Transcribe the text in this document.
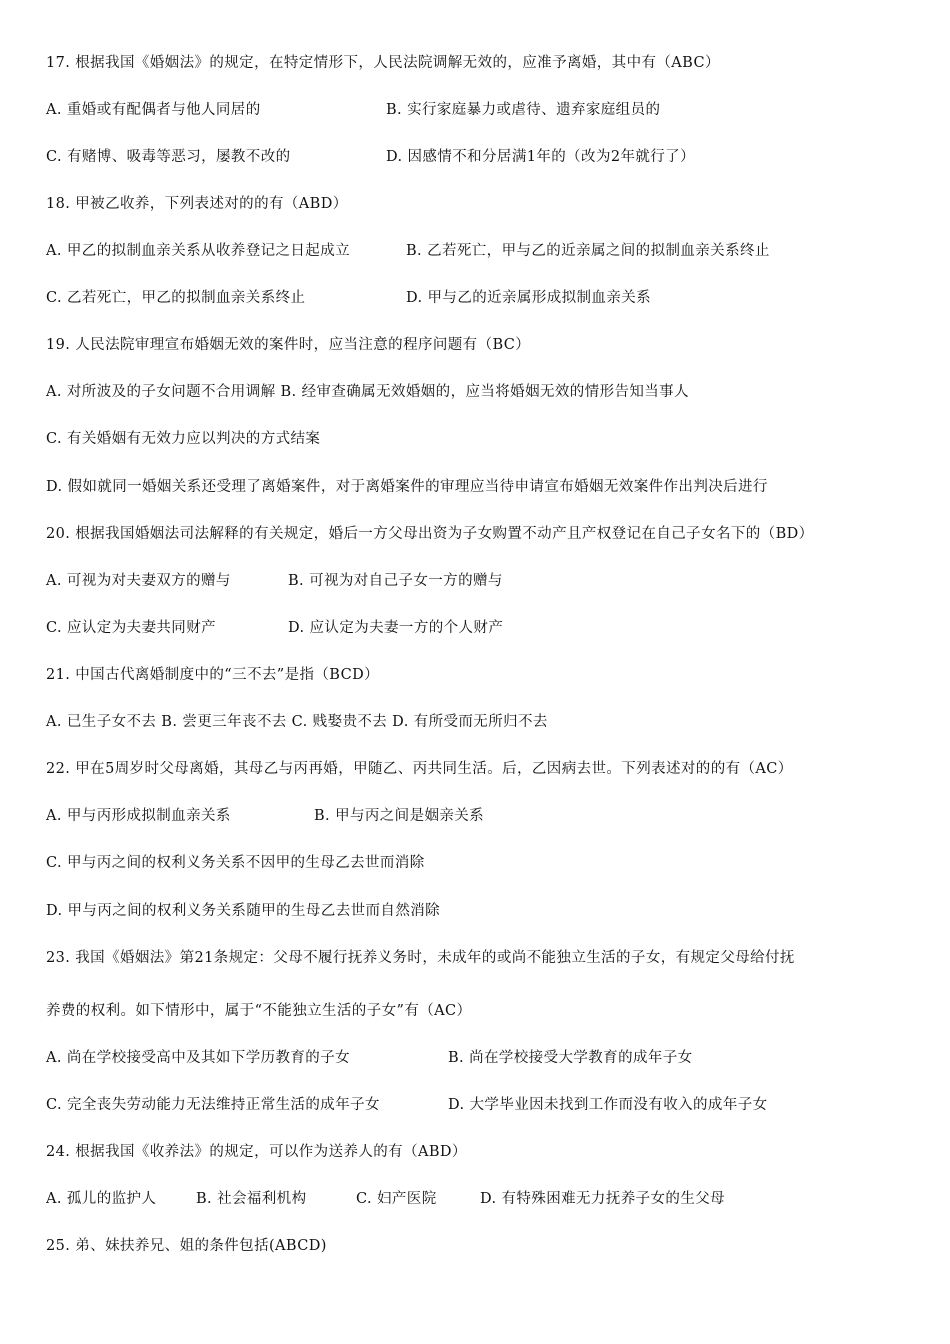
17. 根据我国《婚姻法》的规定，在特定情形下，人民法院调解无效的，应准予离婚，其中有（ABC）
A. 重婚或有配偶者与他人同居的	B. 实行家庭暴力或虐待、遗弃家庭组员的
C. 有赌博、吸毒等恶习，屡教不改的	D. 因感情不和分居满1年的（改为2年就行了）
18. 甲被乙收养，下列表述对的的有（ABD）
A. 甲乙的拟制血亲关系从收养登记之日起成立	B. 乙若死亡，甲与乙的近亲属之间的拟制血亲关系终止
C. 乙若死亡，甲乙的拟制血亲关系终止	D. 甲与乙的近亲属形成拟制血亲关系
19. 人民法院审理宣布婚姻无效的案件时，应当注意的程序问题有（BC）
A. 对所波及的子女问题不合用调解 B. 经审查确属无效婚姻的，应当将婚姻无效的情形告知当事人
C. 有关婚姻有无效力应以判决的方式结案
D. 假如就同一婚姻关系还受理了离婚案件，对于离婚案件的审理应当待申请宣布婚姻无效案件作出判决后进行
20. 根据我国婚姻法司法解释的有关规定，婚后一方父母出资为子女购置不动产且产权登记在自己子女名下的（BD）
A. 可视为对夫妻双方的赠与	B. 可视为对自己子女一方的赠与
C. 应认定为夫妻共同财产	D. 应认定为夫妻一方的个人财产
21. 中国古代离婚制度中的“三不去”是指（BCD）
A. 已生子女不去 B. 尝更三年丧不去 C. 贱娶贵不去 D. 有所受而无所归不去
22. 甲在5周岁时父母离婚，其母乙与丙再婚，甲随乙、丙共同生活。后，乙因病去世。下列表述对的的有（AC）
A. 甲与丙形成拟制血亲关系	B. 甲与丙之间是姻亲关系
C. 甲与丙之间的权利义务关系不因甲的生母乙去世而消除
D. 甲与丙之间的权利义务关系随甲的生母乙去世而自然消除
23. 我国《婚姻法》第21条规定：父母不履行抚养义务时，未成年的或尚不能独立生活的子女，有规定父母给付抚
养费的权利。如下情形中，属于“不能独立生活的子女”有（AC）
A. 尚在学校接受高中及其如下学历教育的子女	B. 尚在学校接受大学教育的成年子女
C. 完全丧失劳动能力无法维持正常生活的成年子女	D. 大学毕业因未找到工作而没有收入的成年子女
24. 根据我国《收养法》的规定，可以作为送养人的有（ABD）
A. 孤儿的监护人	B. 社会福利机构	C. 妇产医院	D. 有特殊困难无力抚养子女的生父母
25. 弟、妹扶养兄、姐的条件包括(ABCD)
